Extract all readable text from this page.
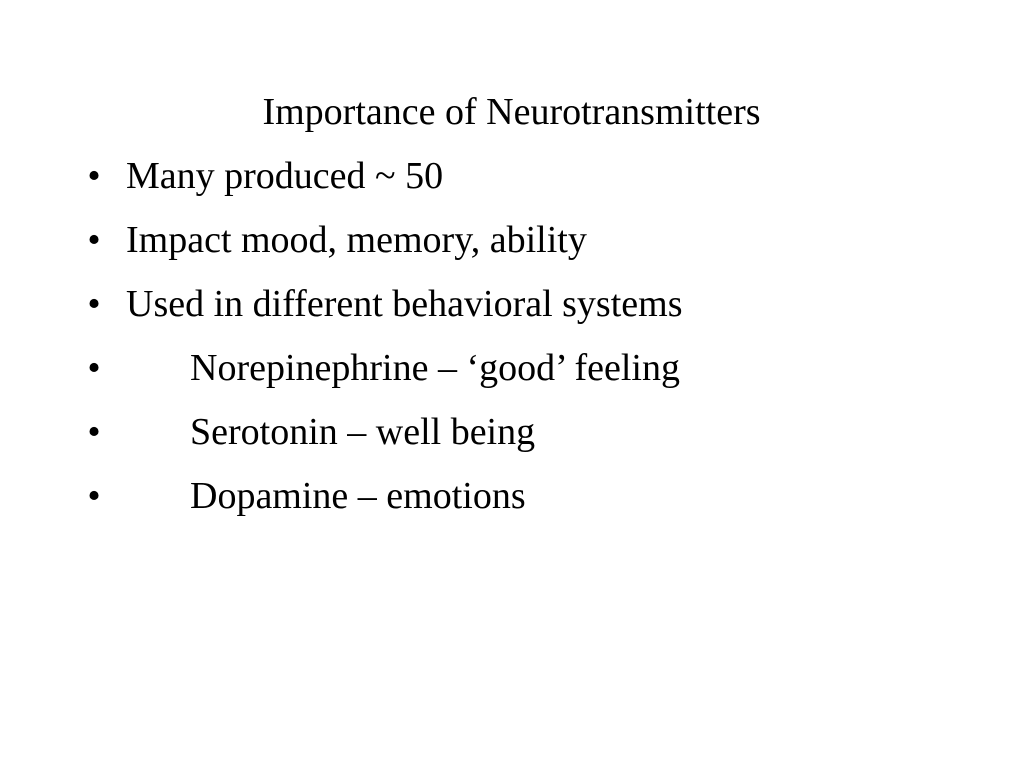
Importance of Neurotransmitters
• Many produced ~ 50
• Impact mood, memory, ability
• Used in different behavioral systems
• Norepinephrine – ‘good’ feeling
• Serotonin – well being
• Dopamine – emotions
